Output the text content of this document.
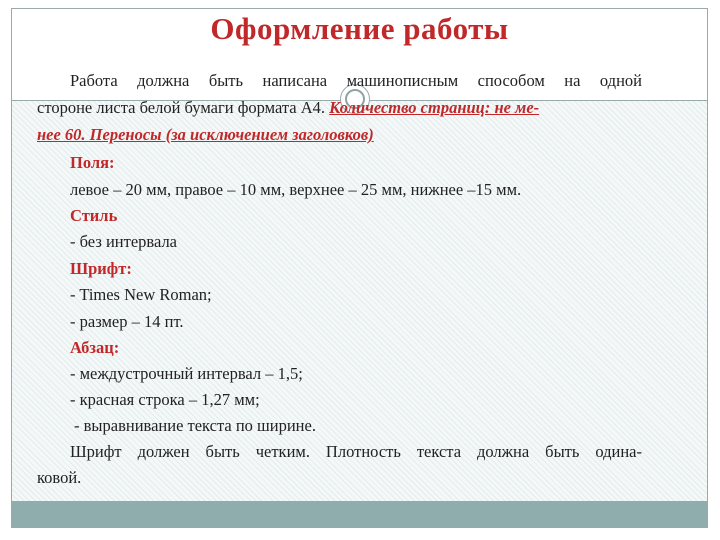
Оформление работы
Работа должна быть написана машинописным способом на одной
стороне листа белой бумаги формата А4. Количество страниц: не ме-
нее 60. Переносы (за исключением заголовков)
Поля:
левое – 20 мм, правое – 10 мм, верхнее – 25 мм, нижнее –15 мм.
Стиль
- без интервала
Шрифт:
- Times New Roman;
- размер – 14 пт.
Абзац:
- междустрочный интервал – 1,5;
- красная строка – 1,27 мм;
- выравнивание текста по ширине.
Шрифт должен быть четким. Плотность текста должна быть одина-
ковой.
